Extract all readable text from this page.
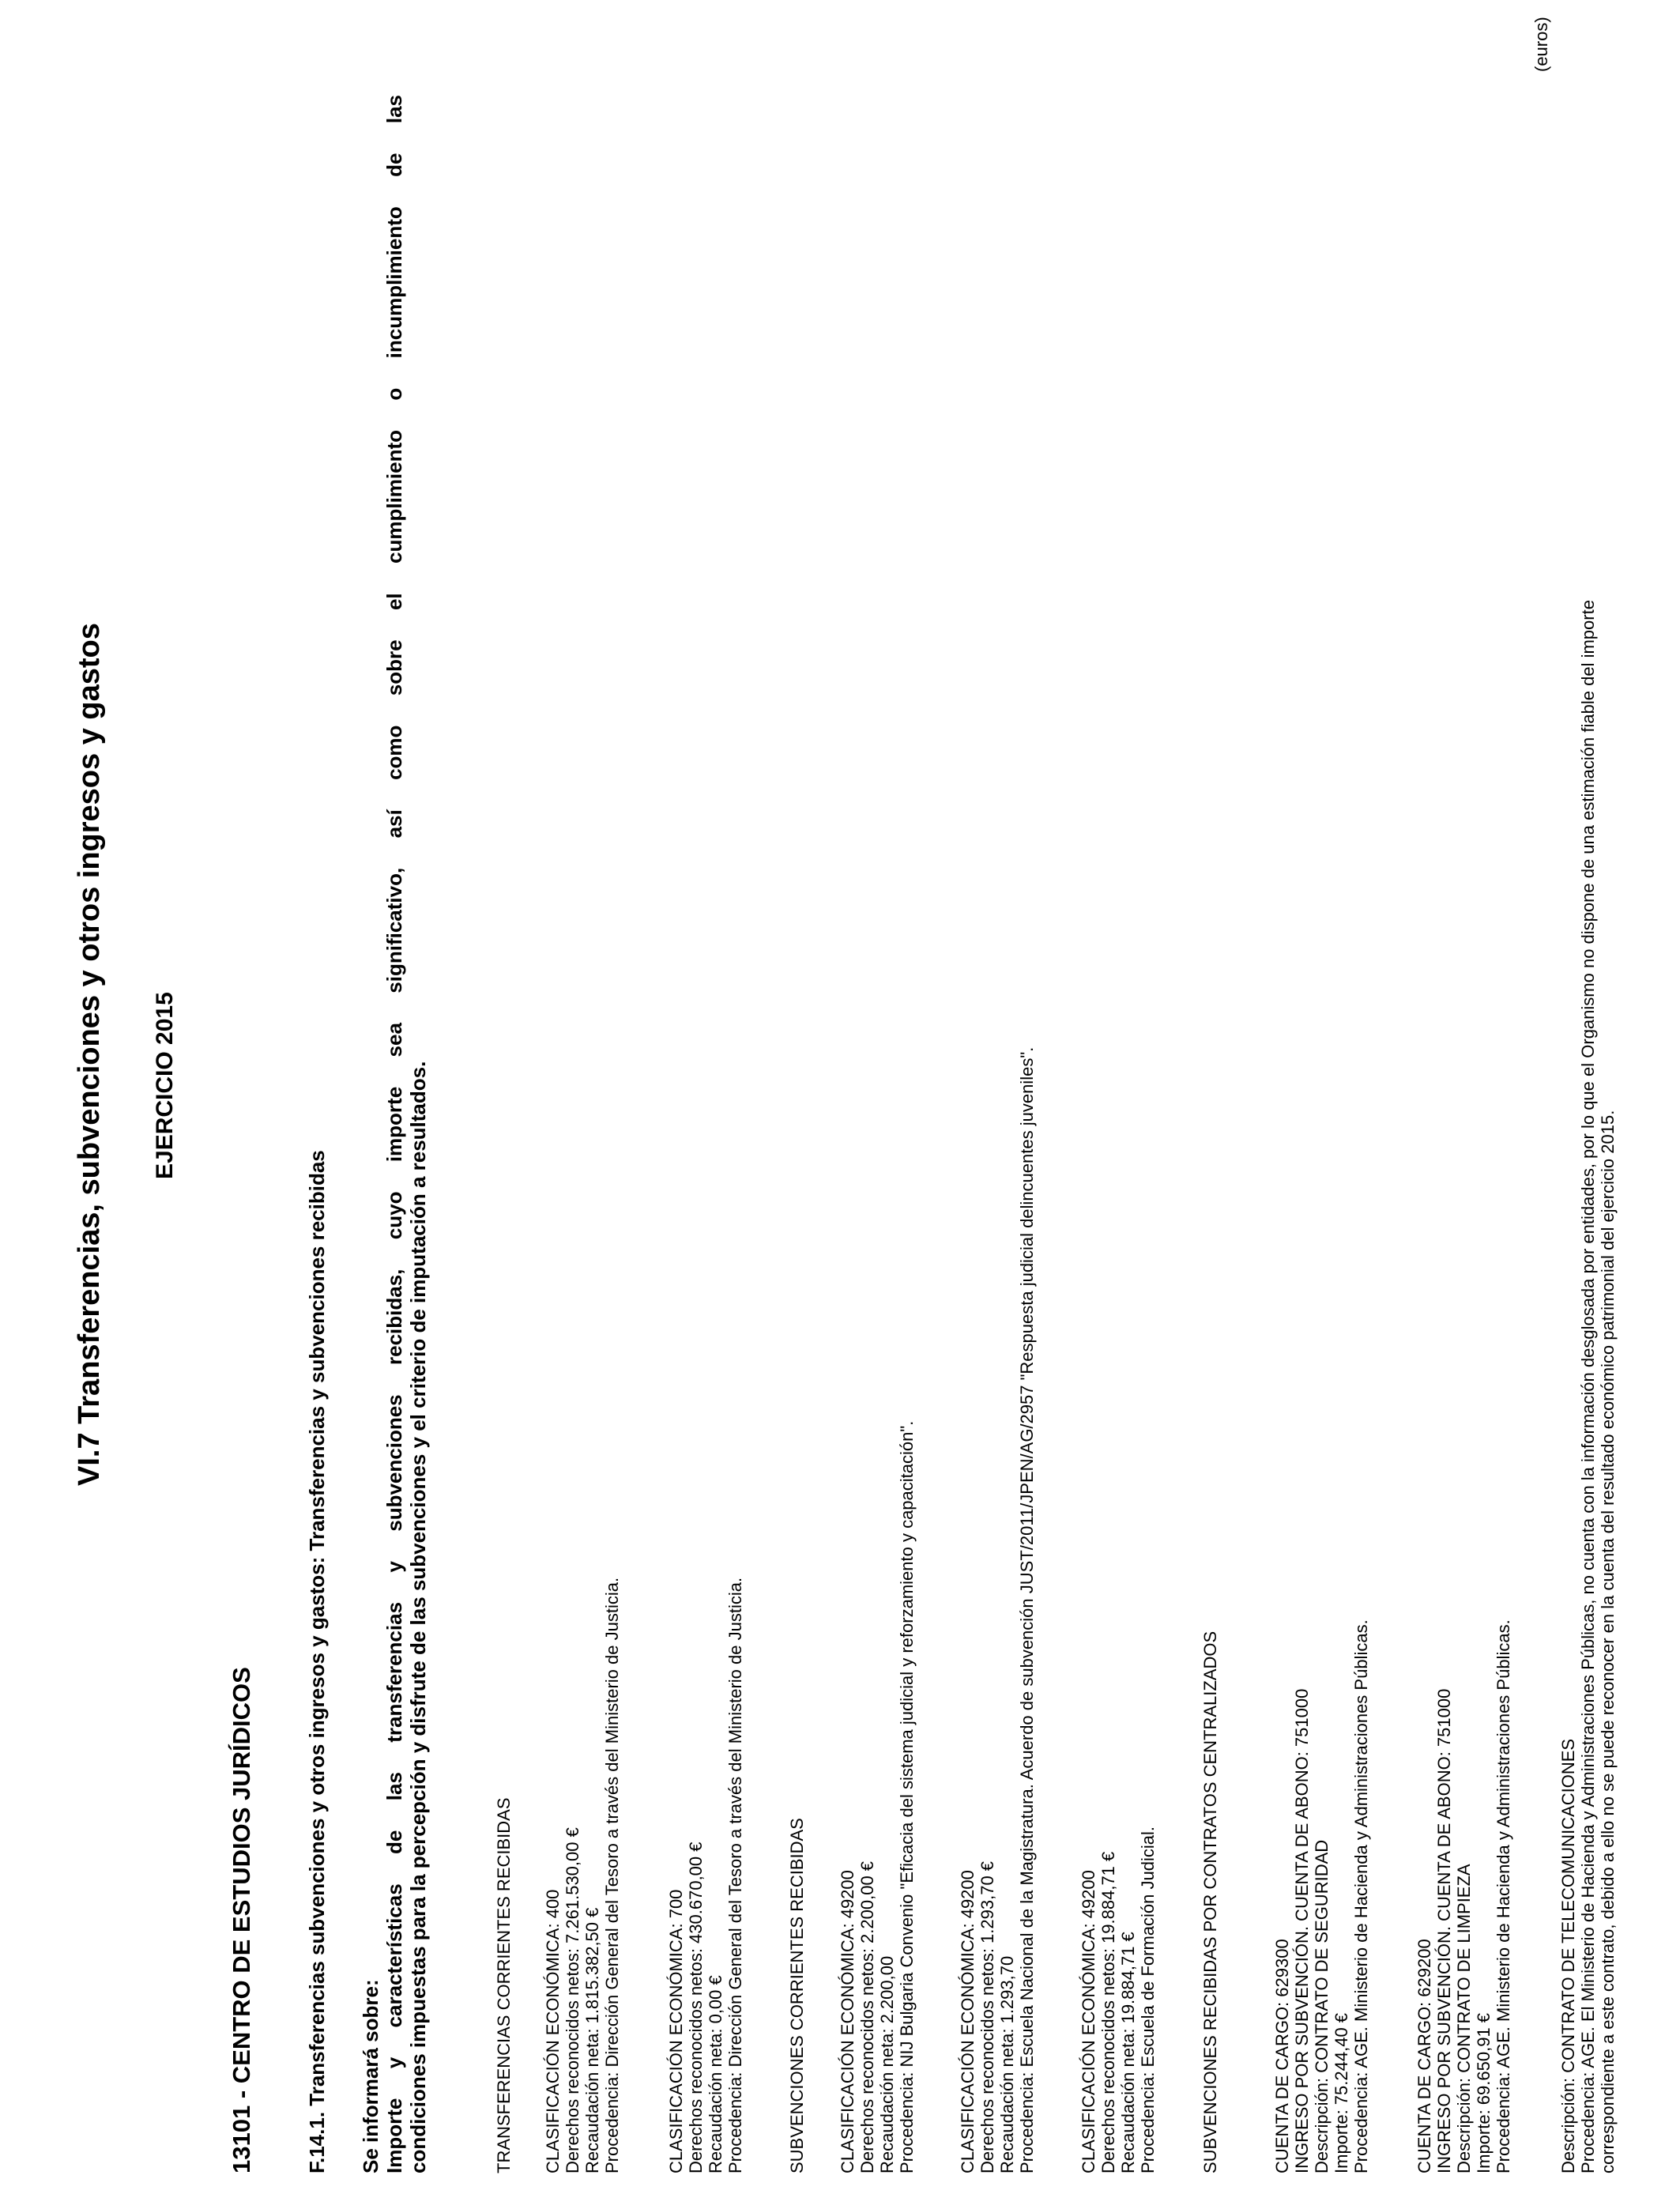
(euros)
VI.7 Transferencias, subvenciones y otros ingresos y gastos EJERCICIO 2015
13101 - CENTRO DE ESTUDIOS JURÍDICOS F.14.1. Transferencias subvenciones y otros ingresos y gastos: Transferencias y subvenciones recibidas Se informará sobre: Importe y características de las transferencias y subvenciones recibidas, cuyo importe sea significativo, así como sobre el cumplimiento o incumplimiento de las condiciones impuestas para la percepción y disfrute de las subvenciones y el criterio de imputación a resultados.	TRANSFERENCIAS CORRIENTES RECIBIDAS CLASIFICACIÓN ECONÓMICA: 400 Derechos reconocidos netos: 7.261.530,00 € Recaudación neta: 1.815.382,50 € Procedencia: Dirección General del Tesoro a través del Ministerio de Justicia.	CLASIFICACIÓN ECONÓMICA: 700 Derechos reconocidos netos: 430.670,00 € Recaudación neta: 0,00 € Procedencia: Dirección General del Tesoro a través del Ministerio de Justicia. SUBVENCIONES CORRIENTES RECIBIDAS CLASIFICACIÓN ECONÓMICA: 49200 Derechos reconocidos netos: 2.200,00 € Recaudación neta: 2.200,00 Procedencia: NIJ Bulgaria Convenio "Eficacia del sistema judicial y reforzamiento y capacitación". CLASIFICACIÓN ECONÓMICA: 49200 Derechos reconocidos netos: 1.293,70 € Recaudación neta: 1.293,70 Procedencia: Escuela Nacional de la Magistratura. Acuerdo de subvención JUST/2011/JPEN/AG/2957 "Respuesta judicial delincuentes juveniles". CLASIFICACIÓN ECONÓMICA: 49200 Derechos reconocidos netos: 19.884,71 € Recaudación neta: 19.884,71 € Procedencia: Escuela de Formación Judicial. SUBVENCIONES RECIBIDAS POR CONTRATOS CENTRALIZADOS	CUENTA DE CARGO: 629300 INGRESO POR SUBVENCIÓN. CUENTA DE ABONO: 751000 Descripción: CONTRATO DE SEGURIDAD Importe: 75.244,40 € Procedencia: AGE. Ministerio de Hacienda y Administraciones Públicas.	CUENTA DE CARGO: 629200 INGRESO POR SUBVENCIÓN. CUENTA DE ABONO: 751000 Descripción: CONTRATO DE LIMPIEZA Importe: 69.650,91 € Procedencia: AGE. Ministerio de Hacienda y Administraciones Públicas.	Descripción: CONTRATO DE TELECOMUNICACIONES Procedencia: AGE. El Ministerio de Hacienda y Administraciones Públicas, no cuenta con la información desglosada por entidades, por lo que el Organismo no dispone de una estimación fiable del importe correspondiente a este contrato, debido a ello no se puede reconocer en la cuenta del resultado económico patrimonial del ejercicio 2015.
